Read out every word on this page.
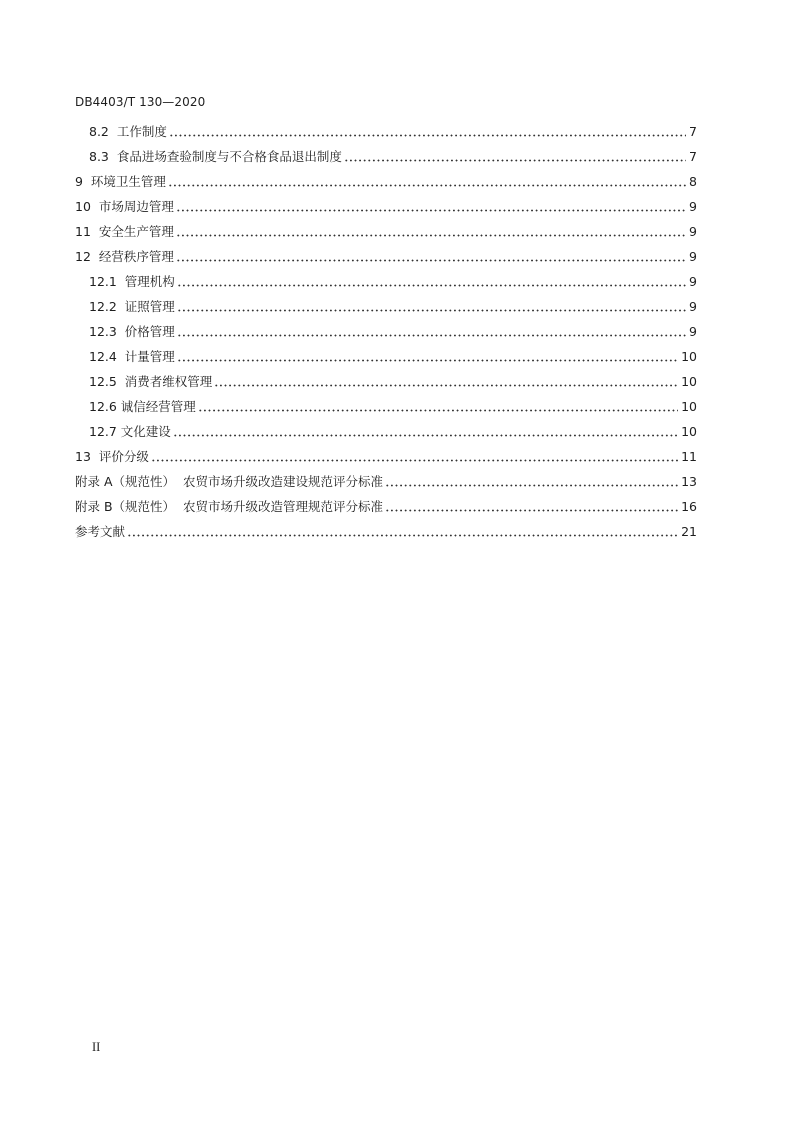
DB4403/T 130—2020
8.2  工作制度	7
8.3  食品进场查验制度与不合格食品退出制度	7
9  环境卫生管理	8
10  市场周边管理	9
11  安全生产管理	9
12  经营秩序管理	9
12.1  管理机构	9
12.2  证照管理	9
12.3  价格管理	9
12.4  计量管理	10
12.5  消费者维权管理	10
12.6 诚信经营管理	10
12.7 文化建设	10
13  评价分级	11
附录 A（规范性）  农贸市场升级改造建设规范评分标准	13
附录 B（规范性）  农贸市场升级改造管理规范评分标准	16
参考文献	21
II
